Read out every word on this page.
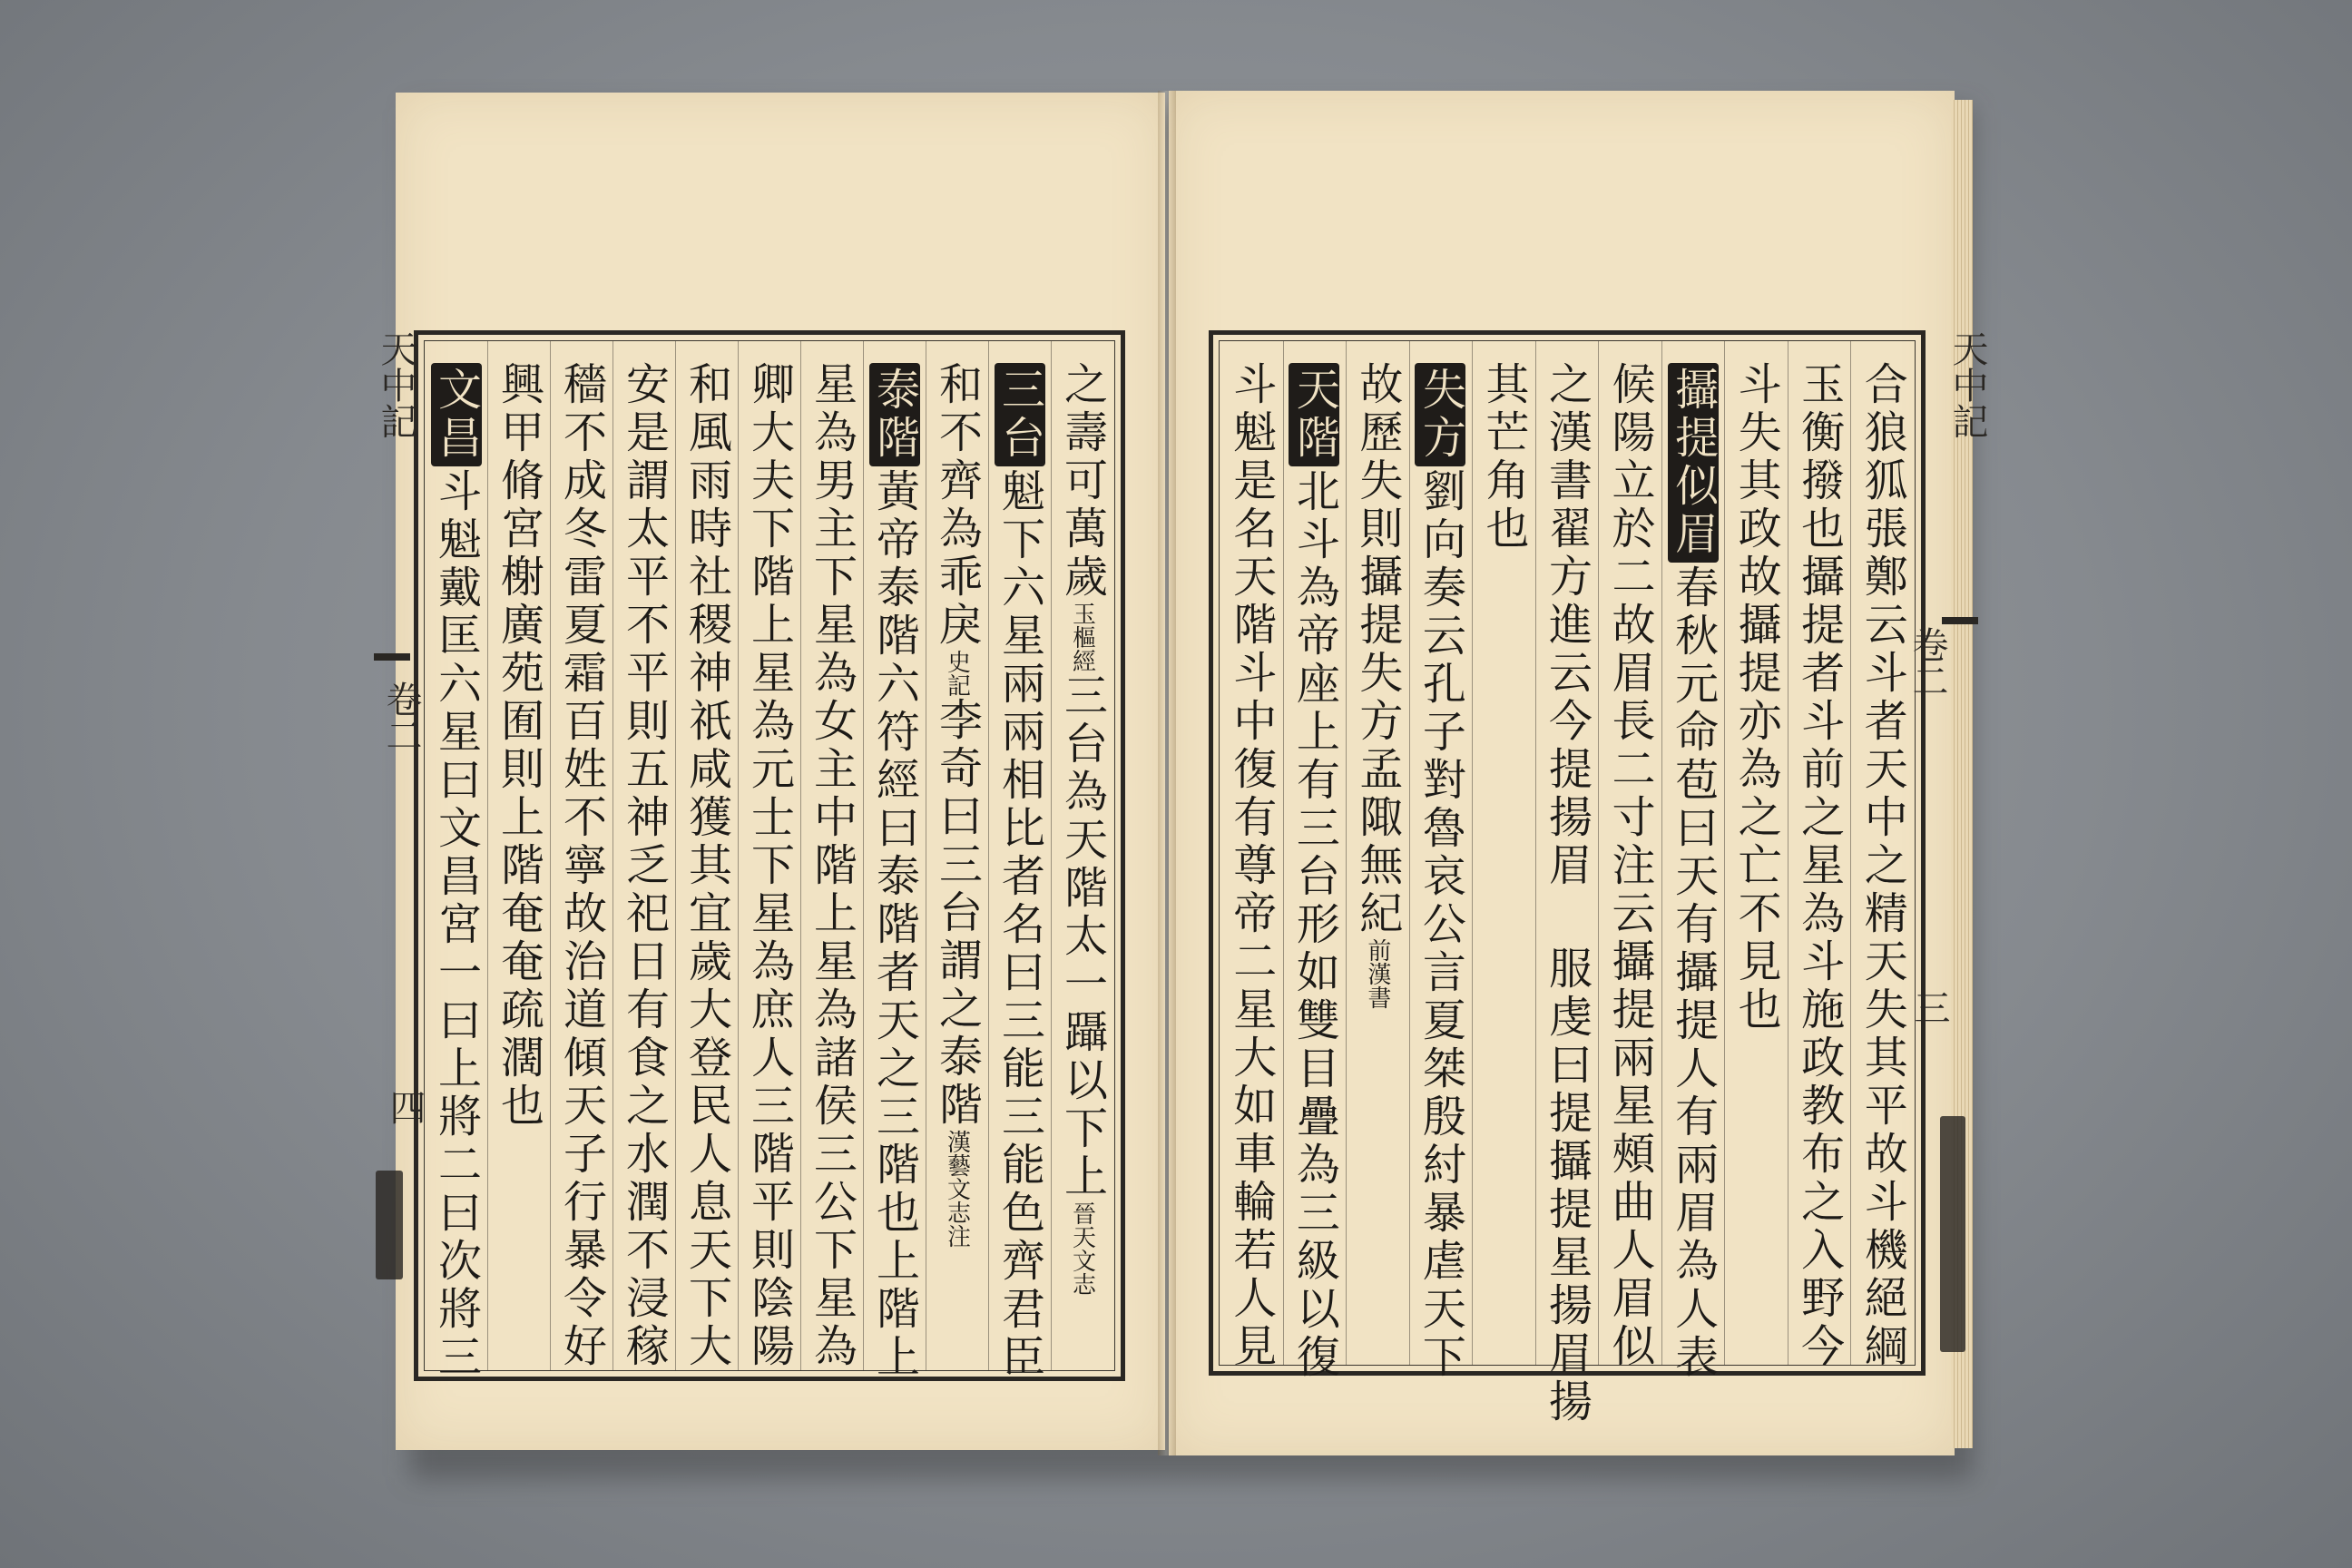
天中記
卷二
四
天中記
卷二
三
之壽可萬歲玉樞經三台為天階太一躡以下上晉天文志
三台魁下六星兩兩相比者名曰三能三能色齊君臣
和不齊為乖戾史記李奇曰三台謂之泰階漢藝文志注
泰階黃帝泰階六符經曰泰階者天之三階也上階上
星為男主下星為女主中階上星為諸侯三公下星為
卿大夫下階上星為元士下星為庶人三階平則陰陽
和風雨時社稷神祇咸獲其宜歲大登民人息天下大
安是謂太平不平則五神乏祀日有食之水潤不浸稼
穡不成冬雷夏霜百姓不寧故治道傾天子行暴令好
興甲脩宮榭廣苑囿則上階奄奄疏濶也
文昌斗魁戴匡六星曰文昌宮一曰上將二曰次將三	合狼狐張鄭云斗者天中之精天失其平故斗機絕綱
玉衡撥也攝提者斗前之星為斗施政教布之入野今
斗失其政故攝提亦為之亡不見也
攝提似眉春秋元命苞曰天有攝提人有兩眉為人表
候陽立於二故眉長二寸注云攝提兩星頰曲人眉似
之漢書翟方進云今提揚眉 服虔曰提攝提星揚眉揚
其芒角也
失方劉向奏云孔子對魯哀公言夏桀殷紂暴虐天下
故歷失則攝提失方孟陬無紀前漢書
天階北斗為帝座上有三台形如雙目疊為三級以復
斗魁是名天階斗中復有尊帝二星大如車輪若人見
